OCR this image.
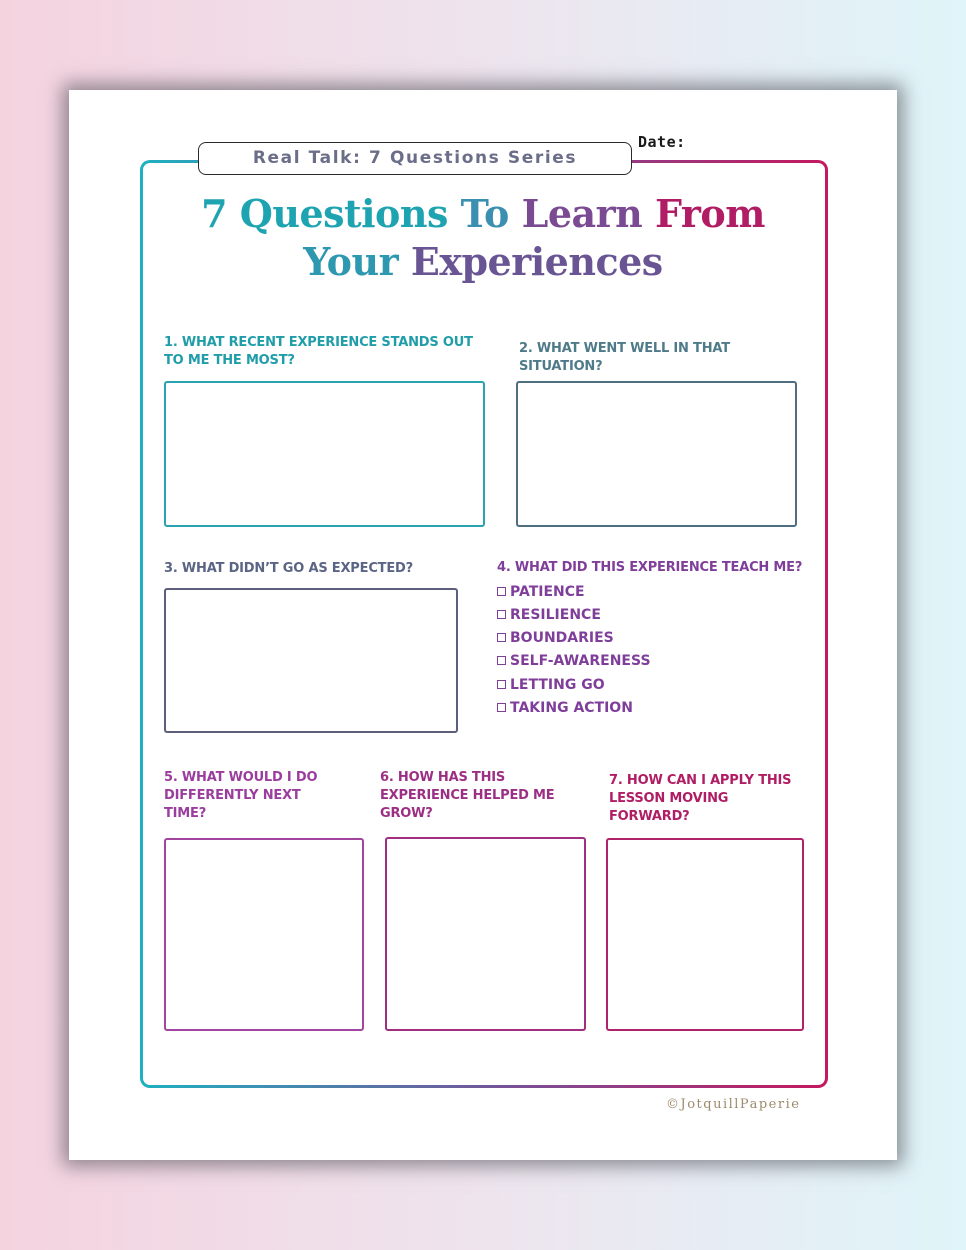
Real Talk: 7 Questions Series
Date:
7 Questions To Learn From
Your Experiences
1. WHAT RECENT EXPERIENCE STANDS OUT TO ME THE MOST?
2. WHAT WENT WELL IN THAT SITUATION?
3. WHAT DIDN’T GO AS EXPECTED?	4. WHAT DID THIS EXPERIENCE TEACH ME?
PATIENCE
RESILIENCE
BOUNDARIES
SELF-AWARENESS
LETTING GO
TAKING ACTION
5. WHAT WOULD I DO DIFFERENTLY NEXT TIME?
6. HOW HAS THIS EXPERIENCE HELPED ME GROW?
7. HOW CAN I APPLY THIS LESSON MOVING FORWARD?
©JotquillPaperie
